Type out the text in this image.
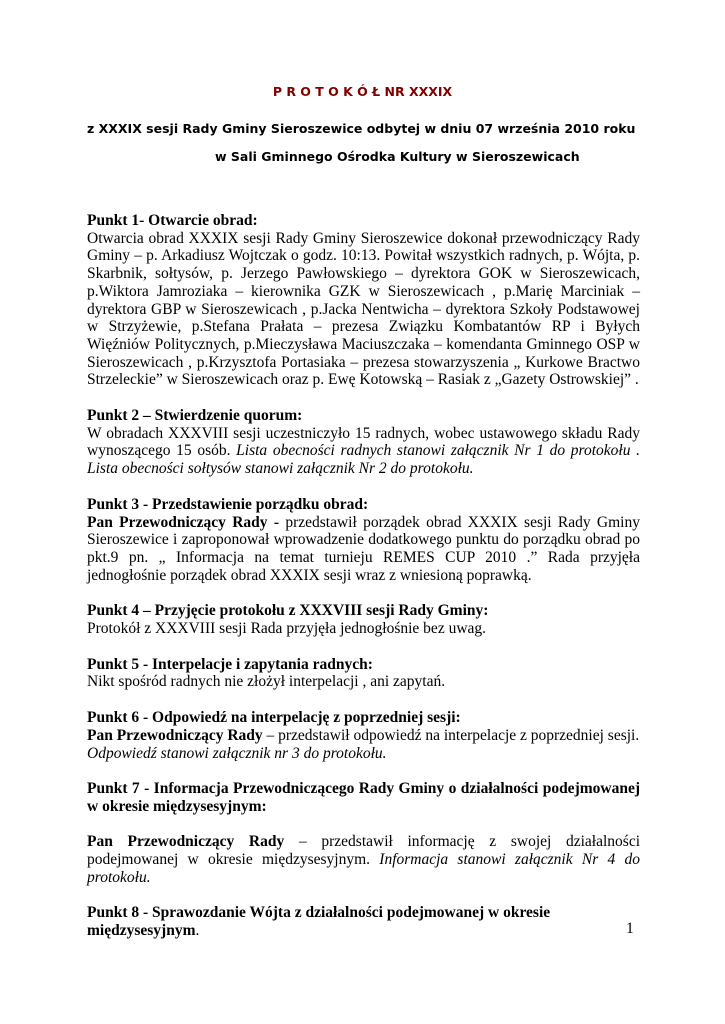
P R O T O K Ó Ł NR XXXIX
z XXXIX sesji Rady Gminy Sieroszewice odbytej w dniu 07 września 2010 roku
w Sali Gminnego Ośrodka Kultury w Sieroszewicach
Punkt 1- Otwarcie obrad:
Otwarcia obrad XXXIX sesji Rady Gminy Sieroszewice dokonał przewodniczący Rady Gminy – p. Arkadiusz Wojtczak o godz. 10:13. Powitał wszystkich radnych, p. Wójta, p. Skarbnik, sołtysów, p. Jerzego Pawłowskiego – dyrektora GOK w Sieroszewicach, p.Wiktora Jamroziaka – kierownika GZK w Sieroszewicach , p.Marię Marciniak – dyrektora GBP w Sieroszewicach , p.Jacka Nentwicha – dyrektora Szkoły Podstawowej w Strzyżewie, p.Stefana Prałata – prezesa Związku Kombatantów RP i Byłych Więźniów Politycznych, p.Mieczysława Maciuszczaka – komendanta Gminnego OSP w Sieroszewicach , p.Krzysztofa Portasiaka – prezesa stowarzyszenia „ Kurkowe Bractwo Strzeleckie” w Sieroszewicach oraz p. Ewę Kotowską – Rasiak z „Gazety Ostrowskiej” .
Punkt 2 – Stwierdzenie quorum:
W obradach XXXVIII sesji uczestniczyło 15 radnych, wobec ustawowego składu Rady wynoszącego 15 osób. Lista obecności radnych stanowi załącznik Nr 1 do protokołu . Lista obecności sołtysów stanowi załącznik Nr 2 do protokołu.
Punkt 3 - Przedstawienie porządku obrad:
Pan Przewodniczący Rady - przedstawił porządek obrad XXXIX sesji Rady Gminy Sieroszewice i zaproponował wprowadzenie dodatkowego punktu do porządku obrad po pkt.9 pn. „ Informacja na temat turnieju REMES CUP 2010 .” Rada przyjęła jednogłośnie porządek obrad XXXIX sesji wraz z wniesioną poprawką.
Punkt 4 – Przyjęcie protokołu z XXXVIII sesji Rady Gminy:
Protokół z XXXVIII sesji Rada przyjęła jednogłośnie bez uwag.
Punkt 5 - Interpelacje i zapytania radnych:
Nikt spośród radnych nie złożył interpelacji , ani zapytań.
Punkt 6 - Odpowiedź na interpelację z poprzedniej sesji:
Pan Przewodniczący Rady – przedstawił odpowiedź na interpelacje z poprzedniej sesji.
Odpowiedź stanowi załącznik nr 3 do protokołu.
Punkt 7 - Informacja Przewodniczącego Rady Gminy o działalności podejmowanej w okresie międzysesyjnym:
Pan Przewodniczący Rady – przedstawił informację z swojej działalności podejmowanej w okresie międzysesyjnym. Informacja stanowi załącznik Nr 4 do protokołu.
Punkt 8 - Sprawozdanie Wójta z działalności podejmowanej w okresie międzysesyjnym.	1
